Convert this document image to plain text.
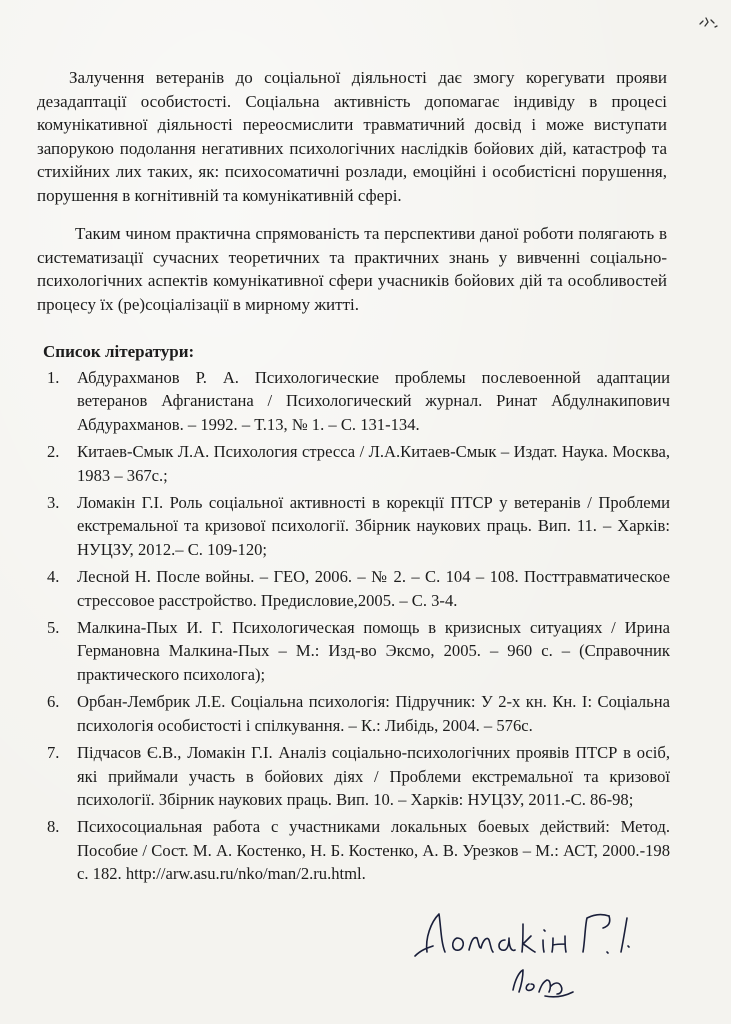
Залучення ветеранів до соціальної діяльності дає змогу корегувати прояви дезадаптації особистості. Соціальна активність допомагає індивіду в процесі комунікативної діяльності переосмислити травматичний досвід і може виступати запорукою подолання негативних психологічних наслідків бойових дій, катастроф та стихійних лих таких, як: психосоматичні розлади, емоційні і особистісні порушення, порушення в когнітивній та комунікативній сфері.

Таким чином практична спрямованість та перспективи даної роботи полягають в систематизації сучасних теоретичних та практичних знань у вивченні соціально-психологічних аспектів комунікативної сфери учасників бойових дій та особливостей процесу їх (ре)соціалізації в мирному житті.

Список літератури:
1. Абдурахманов Р. А. Психологические проблемы послевоенной адаптации ветеранов Афганистана / Психологический журнал. Ринат Абдулнакипович Абдурахманов. – 1992. – Т.13, № 1. – С. 131-134.
2. Китаев-Смык Л.А. Психология стресса / Л.А.Китаев-Смык – Издат. Наука. Москва, 1983 – 367с.;
3. Ломакін Г.І. Роль соціальної активності в корекції ПТСР у ветеранів / Проблеми екстремальної та кризової психології. Збірник наукових праць. Вип. 11. – Харків: НУЦЗУ, 2012.– С. 109-120;
4. Лесной Н. После войны. – ГЕО, 2006. – № 2. – С. 104 – 108. Посттравматическое стрессовое расстройство. Предисловие,2005. – С. 3-4.
5. Малкина-Пых И. Г. Психологическая помощь в кризисных ситуациях / Ирина Германовна Малкина-Пых – М.: Изд-во Эксмо, 2005. – 960 с. – (Справочник практического психолога);
6. Орбан-Лембрик Л.Е. Соціальна психологія: Підручник: У 2-х кн. Кн. І: Соціальна психологія особистості і спілкування. – К.: Либідь, 2004. – 576с.
7. Підчасов Є.В., Ломакін Г.І. Аналіз соціально-психологічних проявів ПТСР в осіб, які приймали участь в бойових діях / Проблеми екстремальної та кризової психології. Збірник наукових праць. Вип. 10. – Харків: НУЦЗУ, 2011.-С. 86-98;
8. Психосоциальная работа с участниками локальных боевых действий: Метод. Пособие / Сост. М. А. Костенко, Н. Б. Костенко, А. В. Урезков – М.: АСТ, 2000.-198 с. 182. http://arw.asu.ru/nko/man/2.ru.html.
